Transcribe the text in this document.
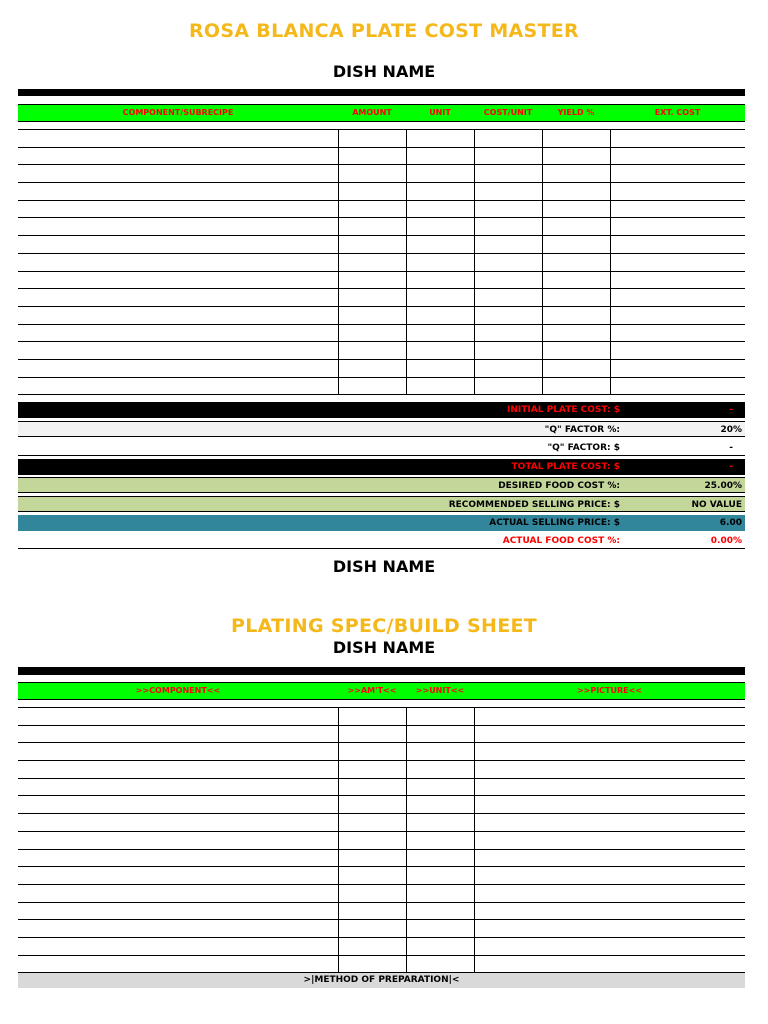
ROSA BLANCA PLATE COST MASTER
DISH NAME
COMPONENT/SUBRECIPE	AMOUNT	UNIT	COST/UNIT	YIELD %	EXT. COST
INITIAL PLATE COST: $	-
"Q" FACTOR %:	20%
"Q" FACTOR: $	-
TOTAL PLATE COST: $	-
DESIRED FOOD COST %:	25.00%
RECOMMENDED SELLING PRICE: $	NO VALUE
ACTUAL SELLING PRICE: $	6.00
ACTUAL FOOD COST %:	0.00%
DISH NAME
PLATING SPEC/BUILD SHEET
DISH NAME
>>COMPONENT<<	>>AM'T<<	>>UNIT<<	>>PICTURE<<
>|METHOD OF PREPARATION|<
